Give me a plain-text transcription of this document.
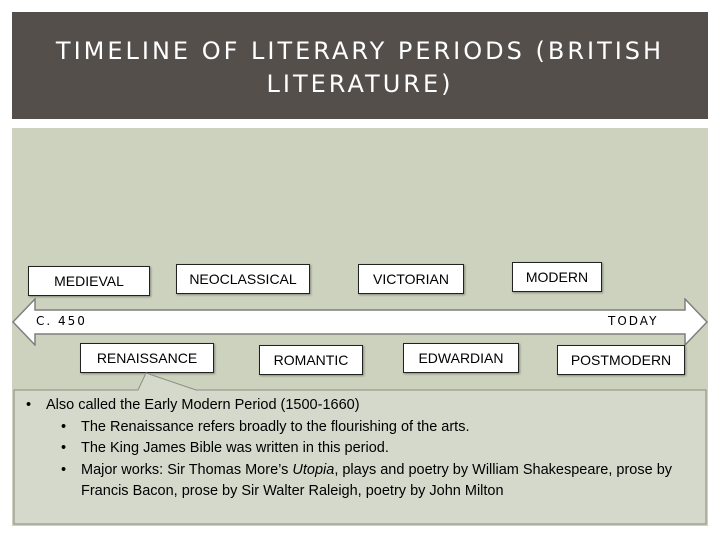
TIMELINE OF LITERARY PERIODS (BRITISH LITERATURE)
C. 450	TODAY
MEDIEVAL	NEOCLASSICAL	VICTORIAN	MODERN
RENAISSANCE	ROMANTIC	EDWARDIAN	POSTMODERN
• Also called the Early Modern Period (1500-1660)
• The Renaissance refers broadly to the flourishing of the arts.
• The King James Bible was written in this period.
• Major works: Sir Thomas More’s Utopia, plays and poetry by William Shakespeare, prose by Francis Bacon, prose by Sir Walter Raleigh, poetry by John Milton
